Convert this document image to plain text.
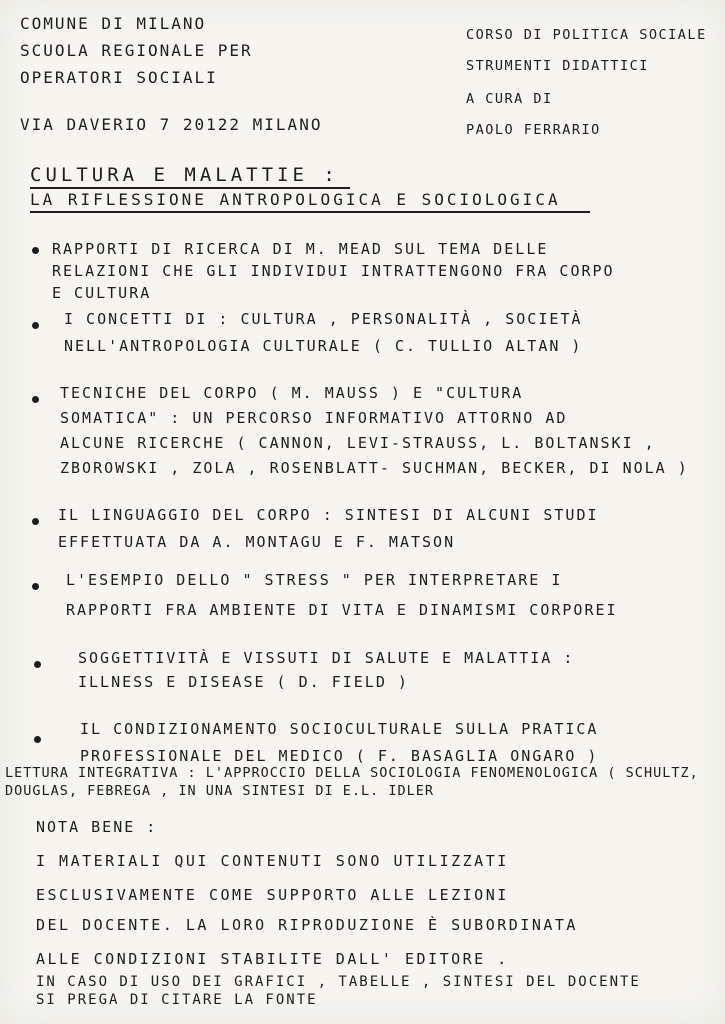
COMUNE DI MILANO
SCUOLA REGIONALE PER
OPERATORI SOCIALI
VIA DAVERIO 7 20122 MILANO
CORSO DI POLITICA SOCIALE
STRUMENTI DIDATTICI
A CURA DI
PAOLO FERRARIO
CULTURA E MALATTIE :
LA RIFLESSIONE ANTROPOLOGICA E SOCIOLOGICA
RAPPORTI DI RICERCA DI M. MEAD SUL TEMA DELLE
RELAZIONI CHE GLI INDIVIDUI INTRATTENGONO FRA CORPO
E CULTURA
I CONCETTI DI : CULTURA , PERSONALITÀ , SOCIETÀ
NELL'ANTROPOLOGIA CULTURALE ( C. TULLIO ALTAN )
TECNICHE DEL CORPO ( M. MAUSS ) E "CULTURA
SOMATICA" : UN PERCORSO INFORMATIVO ATTORNO AD
ALCUNE RICERCHE ( CANNON, LEVI-STRAUSS, L. BOLTANSKI ,
ZBOROWSKI , ZOLA , ROSENBLATT- SUCHMAN, BECKER, DI NOLA )
IL LINGUAGGIO DEL CORPO : SINTESI DI ALCUNI STUDI
EFFETTUATA DA A. MONTAGU E F. MATSON
L'ESEMPIO DELLO " STRESS " PER INTERPRETARE I
RAPPORTI FRA AMBIENTE DI VITA E DINAMISMI CORPOREI
SOGGETTIVITÀ E VISSUTI DI SALUTE E MALATTIA :
ILLNESS E DISEASE ( D. FIELD )
IL CONDIZIONAMENTO SOCIOCULTURALE SULLA PRATICA
PROFESSIONALE DEL MEDICO ( F. BASAGLIA ONGARO )
LETTURA INTEGRATIVA : L'APPROCCIO DELLA SOCIOLOGIA FENOMENOLOGICA ( SCHULTZ,
DOUGLAS, FEBREGA , IN UNA SINTESI DI E.L. IDLER
NOTA BENE :
I MATERIALI QUI CONTENUTI SONO UTILIZZATI
ESCLUSIVAMENTE COME SUPPORTO ALLE LEZIONI
DEL DOCENTE. LA LORO RIPRODUZIONE È SUBORDINATA
ALLE CONDIZIONI STABILITE DALL' EDITORE .
IN CASO DI USO DEI GRAFICI , TABELLE , SINTESI DEL DOCENTE
SI PREGA DI CITARE LA FONTE
